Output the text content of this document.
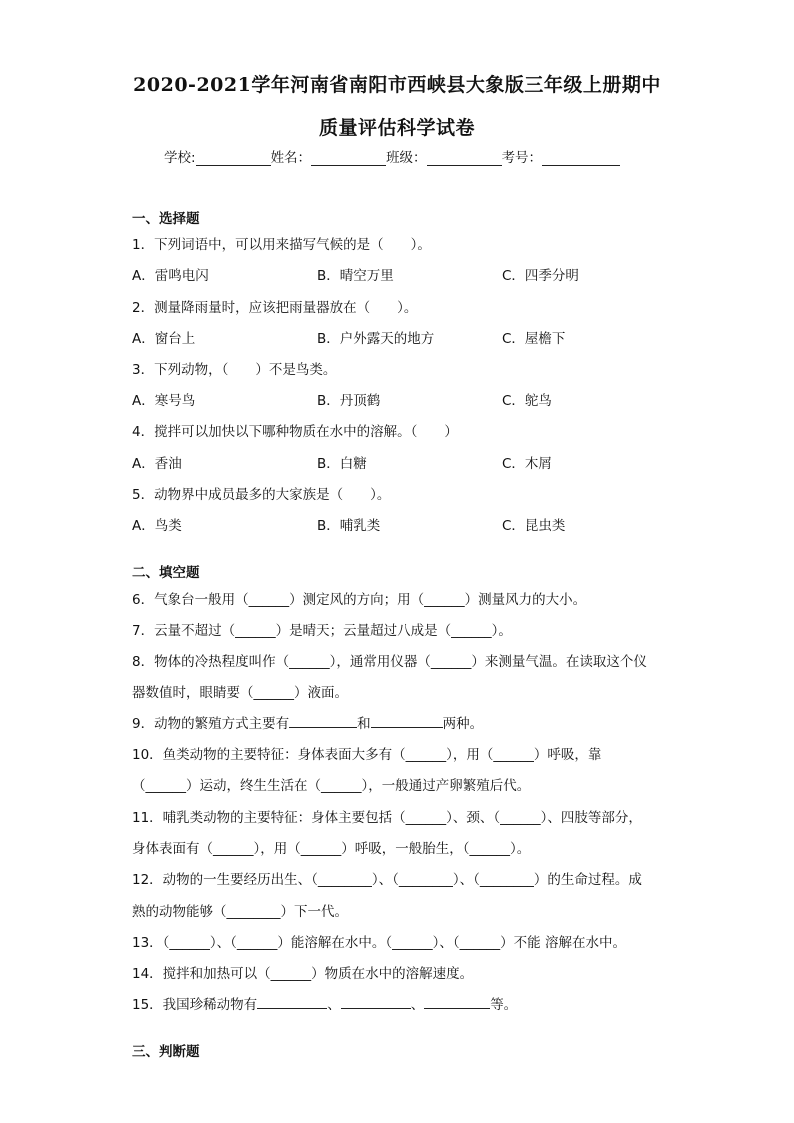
2020-2021学年河南省南阳市西峡县大象版三年级上册期中
质量评估科学试卷
学校:	姓名：	班级：	考号：
一、选择题
1．下列词语中，可以用来描写气候的是（　　）。
A．雷鸣电闪	B．晴空万里	C．四季分明
2．测量降雨量时，应该把雨量器放在（　　）。
A．窗台上	B．户外露天的地方	C．屋檐下
3．下列动物，（　　）不是鸟类。
A．寒号鸟	B．丹顶鹤	C．鸵鸟
4．搅拌可以加快以下哪种物质在水中的溶解。（　　）
A．香油	B．白糖	C．木屑
5．动物界中成员最多的大家族是（　　）。
A．鸟类	B．哺乳类	C．昆虫类
二、填空题
6．气象台一般用（______）测定风的方向；用（______）测量风力的大小。
7．云量不超过（______）是晴天；云量超过八成是（______）。
8．物体的冷热程度叫作（______），通常用仪器（______）来测量气温。在读取这个仪
器数值时，眼睛要（______）液面。
9．动物的繁殖方式主要有	和	两种。
10．鱼类动物的主要特征：身体表面大多有（______），用（______）呼吸，靠
（______）运动，终生生活在（______），一般通过产卵繁殖后代。
11．哺乳类动物的主要特征：身体主要包括（______）、颈、（______）、四肢等部分，
身体表面有（______），用（______）呼吸，一般胎生，（______）。
12．动物的一生要经历出生、（________）、（________）、（________）的生命过程。成
熟的动物能够（________）下一代。
13．（______）、（______）能溶解在水中。（______）、（______）不能 溶解在水中。
14．搅拌和加热可以（______）物质在水中的溶解速度。
15．我国珍稀动物有	、	、	等。
三、判断题
